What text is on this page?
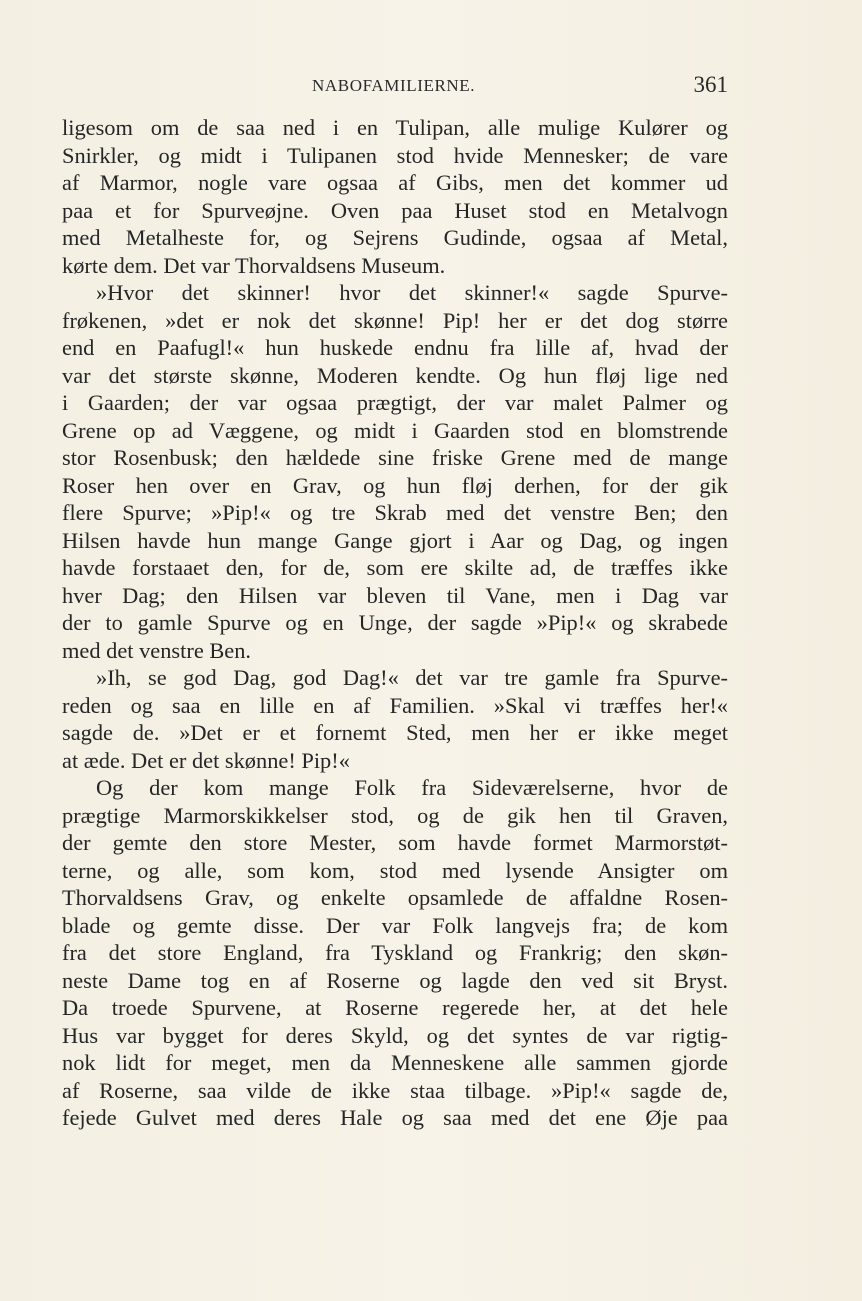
NABOFAMILIERNE.	361
ligesom om de saa ned i en Tulipan, alle mulige Kulører og
Snirkler, og midt i Tulipanen stod hvide Mennesker; de vare
af Marmor, nogle vare ogsaa af Gibs, men det kommer ud
paa et for Spurveøjne. Oven paa Huset stod en Metalvogn
med Metalheste for, og Sejrens Gudinde, ogsaa af Metal,
kørte dem. Det var Thorvaldsens Museum.
»Hvor det skinner! hvor det skinner!« sagde Spurve-
frøkenen, »det er nok det skønne! Pip! her er det dog større
end en Paafugl!« hun huskede endnu fra lille af, hvad der
var det største skønne, Moderen kendte. Og hun fløj lige ned
i Gaarden; der var ogsaa prægtigt, der var malet Palmer og
Grene op ad Væggene, og midt i Gaarden stod en blomstrende
stor Rosenbusk; den hældede sine friske Grene med de mange
Roser hen over en Grav, og hun fløj derhen, for der gik
flere Spurve; »Pip!« og tre Skrab med det venstre Ben; den
Hilsen havde hun mange Gange gjort i Aar og Dag, og ingen
havde forstaaet den, for de, som ere skilte ad, de træffes ikke
hver Dag; den Hilsen var bleven til Vane, men i Dag var
der to gamle Spurve og en Unge, der sagde »Pip!« og skrabede
med det venstre Ben.
»Ih, se god Dag, god Dag!« det var tre gamle fra Spurve-
reden og saa en lille en af Familien. »Skal vi træffes her!«
sagde de. »Det er et fornemt Sted, men her er ikke meget
at æde. Det er det skønne! Pip!«
Og der kom mange Folk fra Sideværelserne, hvor de
prægtige Marmorskikkelser stod, og de gik hen til Graven,
der gemte den store Mester, som havde formet Marmorstøt-
terne, og alle, som kom, stod med lysende Ansigter om
Thorvaldsens Grav, og enkelte opsamlede de affaldne Rosen-
blade og gemte disse. Der var Folk langvejs fra; de kom
fra det store England, fra Tyskland og Frankrig; den skøn-
neste Dame tog en af Roserne og lagde den ved sit Bryst.
Da troede Spurvene, at Roserne regerede her, at det hele
Hus var bygget for deres Skyld, og det syntes de var rigtig-
nok lidt for meget, men da Menneskene alle sammen gjorde
af Roserne, saa vilde de ikke staa tilbage. »Pip!« sagde de,
fejede Gulvet med deres Hale og saa med det ene Øje paa
